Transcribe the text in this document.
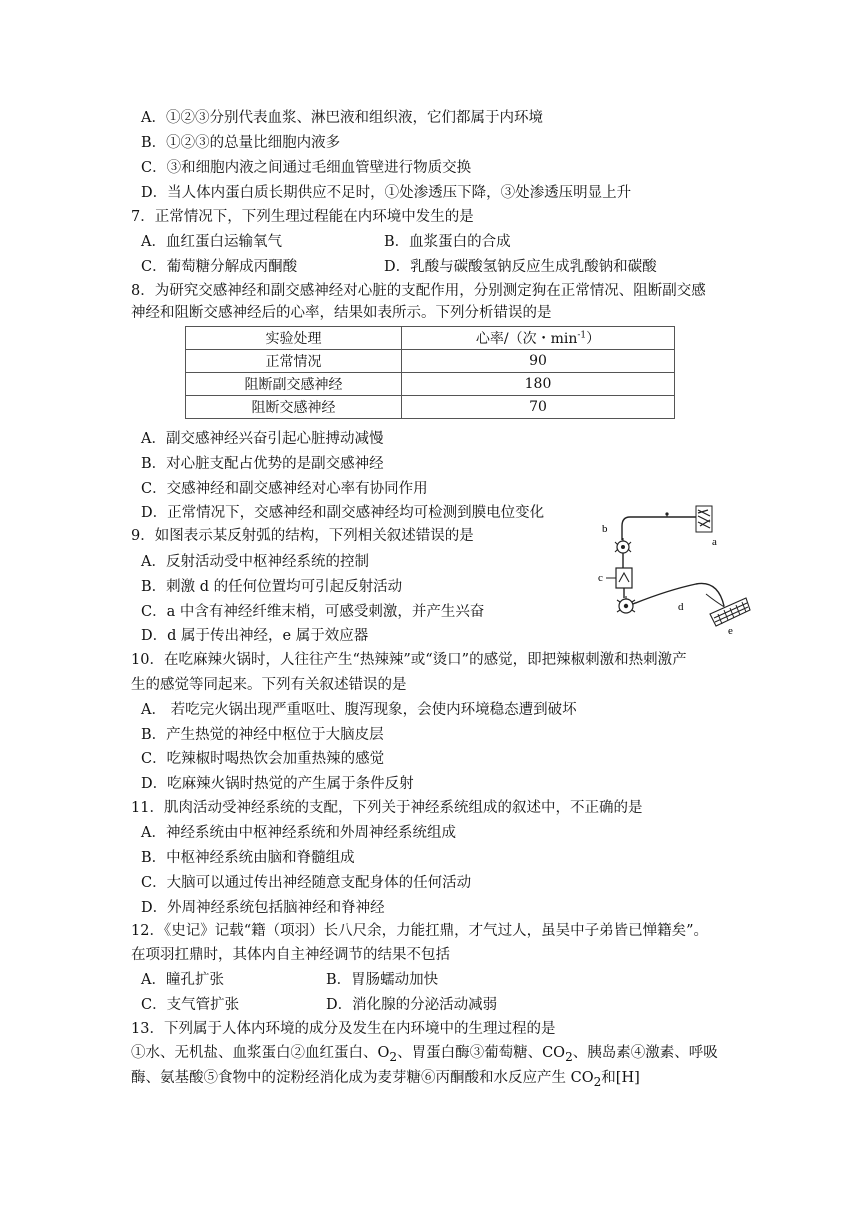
A．①②③分别代表血浆、淋巴液和组织液，它们都属于内环境
B．①②③的总量比细胞内液多
C．③和细胞内液之间通过毛细血管壁进行物质交换
D．当人体内蛋白质长期供应不足时，①处渗透压下降，③处渗透压明显上升
7．正常情况下，下列生理过程能在内环境中发生的是
A．血红蛋白运输氧气	B．血浆蛋白的合成
C．葡萄糖分解成丙酮酸	D．乳酸与碳酸氢钠反应生成乳酸钠和碳酸
8．为研究交感神经和副交感神经对心脏的支配作用，分别测定狗在正常情况、阻断副交感
神经和阻断交感神经后的心率，结果如表所示。下列分析错误的是
实验处理	心率/（次・$\min^{-1}$）
正常情况	90
阻断副交感神经	180
阻断交感神经	70
A．副交感神经兴奋引起心脏搏动减慢
B．对心脏支配占优势的是副交感神经
C．交感神经和副交感神经对心率有协同作用
D．正常情况下，交感神经和副交感神经均可检测到膜电位变化
9．如图表示某反射弧的结构，下列相关叙述错误的是
A．反射活动受中枢神经系统的控制
B．刺激 d 的任何位置均可引起反射活动
C．a 中含有神经纤维末梢，可感受刺激，并产生兴奋
D．d 属于传出神经，e 属于效应器
a
b
c
d
e
10．在吃麻辣火锅时，人往往产生“热辣辣”或“烫口”的感觉，即把辣椒刺激和热刺激产
生的感觉等同起来。下列有关叙述错误的是
A． 若吃完火锅出现严重呕吐、腹泻现象，会使内环境稳态遭到破坏
B．产生热觉的神经中枢位于大脑皮层
C．吃辣椒时喝热饮会加重热辣的感觉
D．吃麻辣火锅时热觉的产生属于条件反射
11．肌肉活动受神经系统的支配，下列关于神经系统组成的叙述中，不正确的是
A．神经系统由中枢神经系统和外周神经系统组成
B．中枢神经系统由脑和脊髓组成
C．大脑可以通过传出神经随意支配身体的任何活动
D．外周神经系统包括脑神经和脊神经
12．《史记》记载“籍（项羽）长八尺余，力能扛鼎，才气过人，虽吴中子弟皆已惮籍矣”。
在项羽扛鼎时，其体内自主神经调节的结果不包括
A．瞳孔扩张	B．胃肠蠕动加快
C．支气管扩张	D．消化腺的分泌活动减弱
13．下列属于人体内环境的成分及发生在内环境中的生理过程的是
①水、无机盐、血浆蛋白②血红蛋白、$O_2$、胃蛋白酶③葡萄糖、$CO_2$、胰岛素④激素、呼吸
酶、氨基酸⑤食物中的淀粉经消化成为麦芽糖⑥丙酮酸和水反应产生 $CO_2$和[H]
